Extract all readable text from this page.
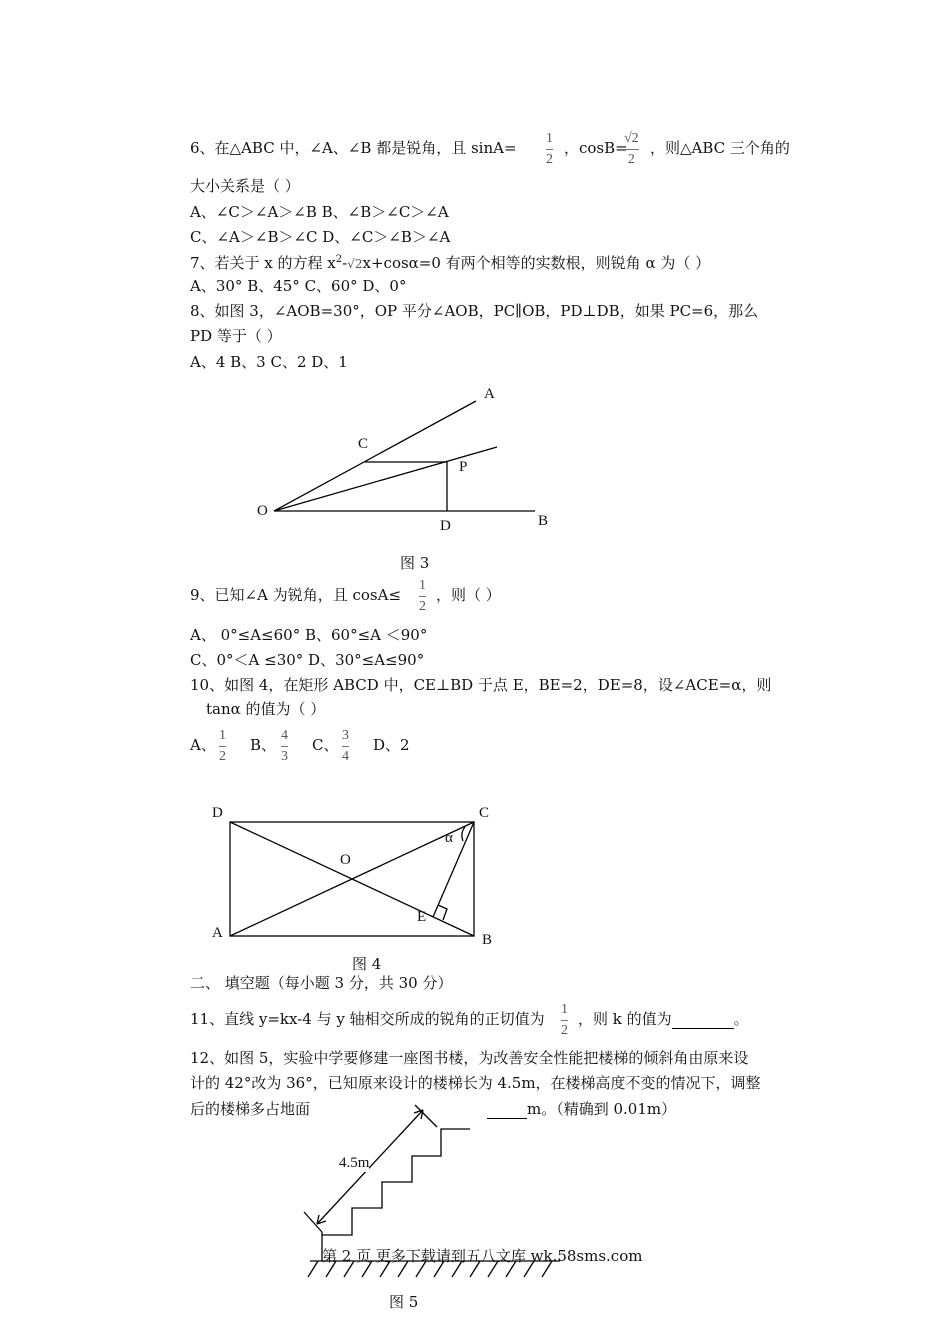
6、在△ABC 中，∠A、∠B 都是锐角，且 sinA=
1
2
，cosB=
√2
2
，则△ABC 三个角的
大小关系是（ ）
A、∠C＞∠A＞∠B B、∠B＞∠C＞∠A
C、∠A＞∠B＞∠C D、∠C＞∠B＞∠A
7、若关于 x 的方程 $x^2-√2x+\cos\alpha=0$ 有两个相等的实数根，则锐角 α 为（ ）
A、30° B、45° C、60° D、0°
8、如图 3，∠AOB=30°，OP 平分∠AOB，PC∥OB，PD⊥DB，如果 PC=6，那么
PD 等于（ ）
A、4 B、3 C、2 D、1
A
C
P
O
D	B
图 3
9、已知∠A 为锐角，且 cosA≤
1
2
，则（ ）
A、 0°≤A≤60° B、60°≤A ＜90°
C、0°＜A ≤30° D、30°≤A≤90°
10、如图 4，在矩形 ABCD 中，CE⊥BD 于点 E，BE=2，DE=8，设∠ACE=α，则
tanα 的值为（ ）
A、
1
2
B、
4
3
C、
3
4
D、2
D	C
α
O
E
A	B
图 4
二、 填空题（每小题 3 分，共 30 分）
11、直线 y=kx-4 与 y 轴相交所成的锐角的正切值为
1
2
，则 k 的值为	。
12、如图 5，实验中学要修建一座图书楼，为改善安全性能把楼梯的倾斜角由原来设
计的 42°改为 36°，已知原来设计的楼梯长为 4.5m，在楼梯高度不变的情况下，调整
后的楼梯多占地面	m。（精确到 0.01m）
4.5m
第 2 页 更多下载请到五八文库 wk.58sms.com
图 5
